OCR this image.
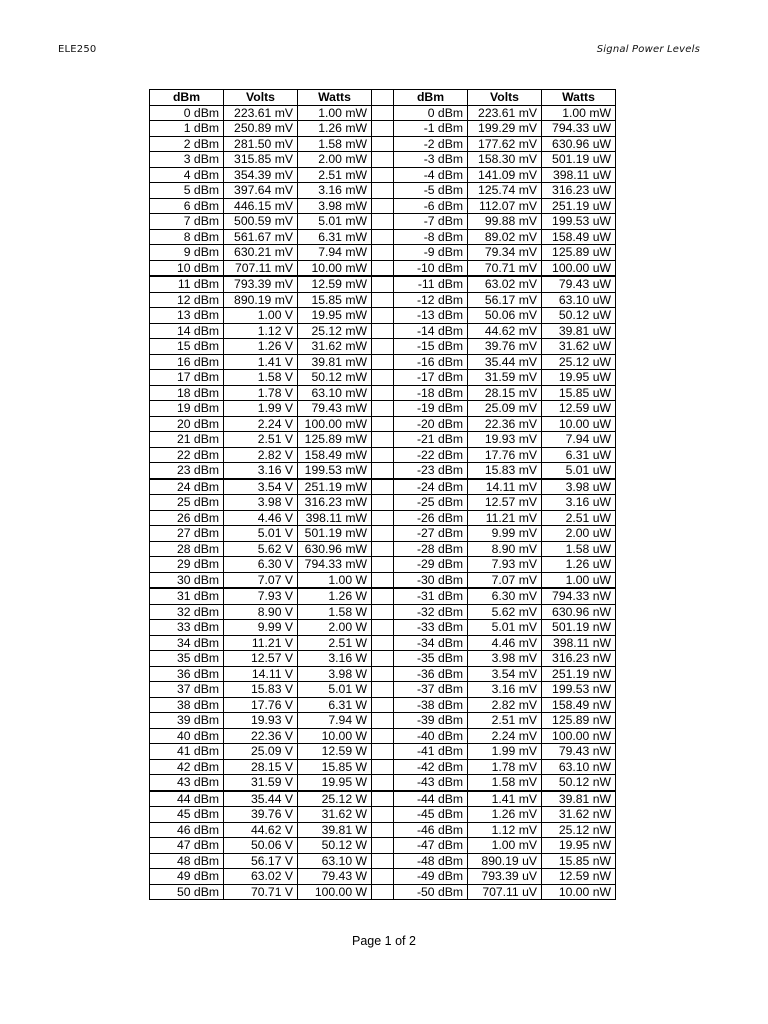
ELE250	Signal Power Levels
dBm	Volts	Watts		dBm	Volts	Watts
0 dBm	223.61 mV	1.00 mW		0 dBm	223.61 mV	1.00 mW
1 dBm	250.89 mV	1.26 mW		-1 dBm	199.29 mV	794.33 uW
2 dBm	281.50 mV	1.58 mW		-2 dBm	177.62 mV	630.96 uW
3 dBm	315.85 mV	2.00 mW		-3 dBm	158.30 mV	501.19 uW
4 dBm	354.39 mV	2.51 mW		-4 dBm	141.09 mV	398.11 uW
5 dBm	397.64 mV	3.16 mW		-5 dBm	125.74 mV	316.23 uW
6 dBm	446.15 mV	3.98 mW		-6 dBm	112.07 mV	251.19 uW
7 dBm	500.59 mV	5.01 mW		-7 dBm	99.88 mV	199.53 uW
8 dBm	561.67 mV	6.31 mW		-8 dBm	89.02 mV	158.49 uW
9 dBm	630.21 mV	7.94 mW		-9 dBm	79.34 mV	125.89 uW
10 dBm	707.11 mV	10.00 mW		-10 dBm	70.71 mV	100.00 uW
11 dBm	793.39 mV	12.59 mW		-11 dBm	63.02 mV	79.43 uW
12 dBm	890.19 mV	15.85 mW		-12 dBm	56.17 mV	63.10 uW
13 dBm	1.00 V	19.95 mW		-13 dBm	50.06 mV	50.12 uW
14 dBm	1.12 V	25.12 mW		-14 dBm	44.62 mV	39.81 uW
15 dBm	1.26 V	31.62 mW		-15 dBm	39.76 mV	31.62 uW
16 dBm	1.41 V	39.81 mW		-16 dBm	35.44 mV	25.12 uW
17 dBm	1.58 V	50.12 mW		-17 dBm	31.59 mV	19.95 uW
18 dBm	1.78 V	63.10 mW		-18 dBm	28.15 mV	15.85 uW
19 dBm	1.99 V	79.43 mW		-19 dBm	25.09 mV	12.59 uW
20 dBm	2.24 V	100.00 mW		-20 dBm	22.36 mV	10.00 uW
21 dBm	2.51 V	125.89 mW		-21 dBm	19.93 mV	7.94 uW
22 dBm	2.82 V	158.49 mW		-22 dBm	17.76 mV	6.31 uW
23 dBm	3.16 V	199.53 mW		-23 dBm	15.83 mV	5.01 uW
24 dBm	3.54 V	251.19 mW		-24 dBm	14.11 mV	3.98 uW
25 dBm	3.98 V	316.23 mW		-25 dBm	12.57 mV	3.16 uW
26 dBm	4.46 V	398.11 mW		-26 dBm	11.21 mV	2.51 uW
27 dBm	5.01 V	501.19 mW		-27 dBm	9.99 mV	2.00 uW
28 dBm	5.62 V	630.96 mW		-28 dBm	8.90 mV	1.58 uW
29 dBm	6.30 V	794.33 mW		-29 dBm	7.93 mV	1.26 uW
30 dBm	7.07 V	1.00 W		-30 dBm	7.07 mV	1.00 uW
31 dBm	7.93 V	1.26 W		-31 dBm	6.30 mV	794.33 nW
32 dBm	8.90 V	1.58 W		-32 dBm	5.62 mV	630.96 nW
33 dBm	9.99 V	2.00 W		-33 dBm	5.01 mV	501.19 nW
34 dBm	11.21 V	2.51 W		-34 dBm	4.46 mV	398.11 nW
35 dBm	12.57 V	3.16 W		-35 dBm	3.98 mV	316.23 nW
36 dBm	14.11 V	3.98 W		-36 dBm	3.54 mV	251.19 nW
37 dBm	15.83 V	5.01 W		-37 dBm	3.16 mV	199.53 nW
38 dBm	17.76 V	6.31 W		-38 dBm	2.82 mV	158.49 nW
39 dBm	19.93 V	7.94 W		-39 dBm	2.51 mV	125.89 nW
40 dBm	22.36 V	10.00 W		-40 dBm	2.24 mV	100.00 nW
41 dBm	25.09 V	12.59 W		-41 dBm	1.99 mV	79.43 nW
42 dBm	28.15 V	15.85 W		-42 dBm	1.78 mV	63.10 nW
43 dBm	31.59 V	19.95 W		-43 dBm	1.58 mV	50.12 nW
44 dBm	35.44 V	25.12 W		-44 dBm	1.41 mV	39.81 nW
45 dBm	39.76 V	31.62 W		-45 dBm	1.26 mV	31.62 nW
46 dBm	44.62 V	39.81 W		-46 dBm	1.12 mV	25.12 nW
47 dBm	50.06 V	50.12 W		-47 dBm	1.00 mV	19.95 nW
48 dBm	56.17 V	63.10 W		-48 dBm	890.19 uV	15.85 nW
49 dBm	63.02 V	79.43 W		-49 dBm	793.39 uV	12.59 nW
50 dBm	70.71 V	100.00 W		-50 dBm	707.11 uV	10.00 nW
Page 1 of 2
